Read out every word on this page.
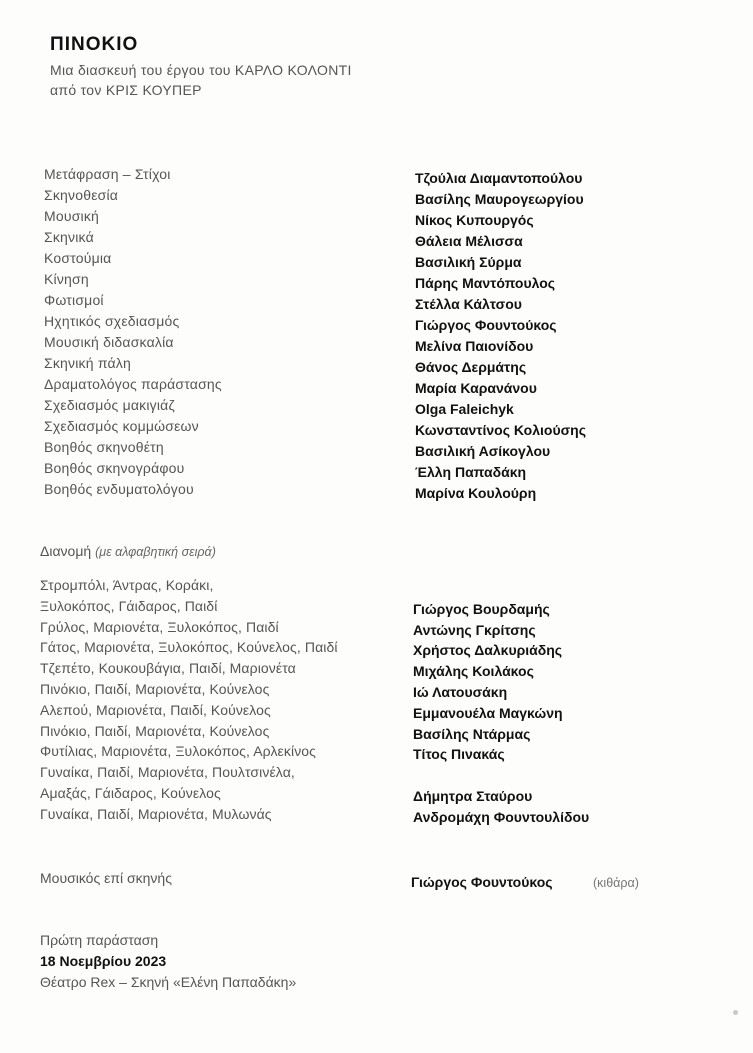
ΠΙΝΟΚΙΟ
Μια διασκευή του έργου του ΚΑΡΛΟ ΚΟΛΟΝΤΙ
από τον ΚΡΙΣ ΚΟΥΠΕΡ
Μετάφραση – Στίχοι	Τζούλια Διαμαντοπούλου
Σκηνοθεσία	Βασίλης Μαυρογεωργίου
Μουσική	Νίκος Κυπουργός
Σκηνικά	Θάλεια Μέλισσα
Κοστούμια	Βασιλική Σύρμα
Κίνηση	Πάρης Μαντόπουλος
Φωτισμοί	Στέλλα Κάλτσου
Ηχητικός σχεδιασμός	Γιώργος Φουντούκος
Μουσική διδασκαλία	Μελίνα Παιονίδου
Σκηνική πάλη	Θάνος Δερμάτης
Δραματολόγος παράστασης	Μαρία Καρανάνου
Σχεδιασμός μακιγιάζ	Olga Faleichyk
Σχεδιασμός κομμώσεων	Κωνσταντίνος Κολιούσης
Βοηθός σκηνοθέτη	Βασιλική Ασίκογλου
Βοηθός σκηνογράφου	Έλλη Παπαδάκη
Βοηθός ενδυματολόγου	Μαρίνα Κουλούρη
Διανομή (με αλφαβητική σειρά)
Στρομπόλι, Άντρας, Κοράκι,
Ξυλοκόπος, Γάιδαρος, Παιδί	Γιώργος Βουρδαμής
Γρύλος, Μαριονέτα, Ξυλοκόπος, Παιδί	Αντώνης Γκρίτσης
Γάτος, Μαριονέτα, Ξυλοκόπος, Κούνελος, Παιδί	Χρήστος Δαλκυριάδης
Τζεπέτο, Κουκουβάγια, Παιδί, Μαριονέτα	Μιχάλης Κοιλάκος
Πινόκιο, Παιδί, Μαριονέτα, Κούνελος	Ιώ Λατουσάκη
Αλεπού, Μαριονέτα, Παιδί, Κούνελος	Εμμανουέλα Μαγκώνη
Πινόκιο, Παιδί, Μαριονέτα, Κούνελος	Βασίλης Ντάρμας
Φυτίλιας, Μαριονέτα, Ξυλοκόπος, Αρλεκίνος	Τίτος Πινακάς
Γυναίκα, Παιδί, Μαριονέτα, Πουλτσινέλα,
Αμαξάς, Γάιδαρος, Κούνελος	Δήμητρα Σταύρου
Γυναίκα, Παιδί, Μαριονέτα, Μυλωνάς	Ανδρομάχη Φουντουλίδου
Μουσικός επί σκηνής	Γιώργος Φουντούκος	(κιθάρα)
Πρώτη παράσταση
18 Νοεμβρίου 2023
Θέατρο Rex – Σκηνή «Ελένη Παπαδάκη»
